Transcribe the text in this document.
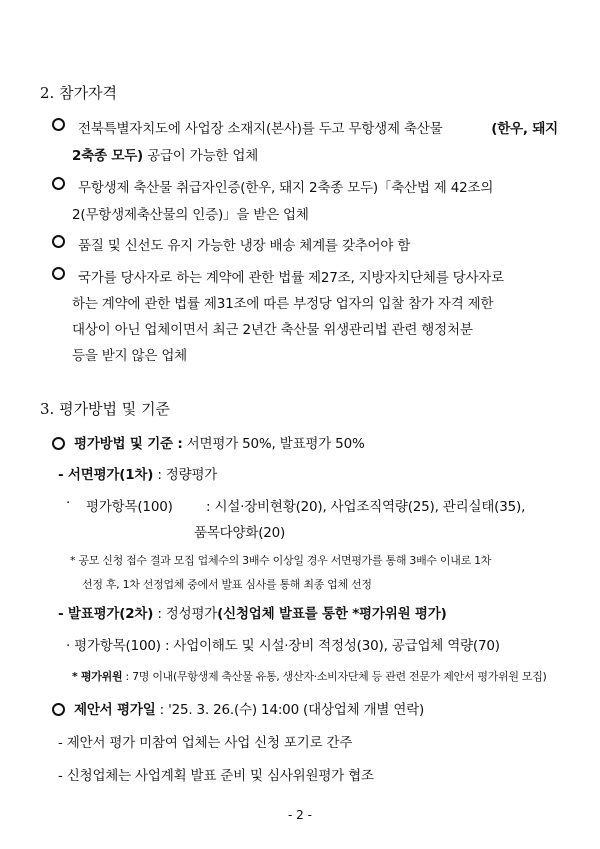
2. 참가자격
전북특별자치도에 사업장 소재지(본사)를 두고 무항생제 축산물	(한우, 돼지
2축종 모두) 공급이 가능한 업체
무항생제 축산물 취급자인증(한우, 돼지 2축종 모두)「축산법 제 42조의
2(무항생제축산물의 인증)」을 받은 업체
품질 및 신선도 유지 가능한 냉장 배송 체계를 갖추어야 함
국가를 당사자로 하는 계약에 관한 법률 제27조, 지방자치단체를 당사자로
하는 계약에 관한 법률 제31조에 따른 부정당 업자의 입찰 참가 자격 제한
대상이 아닌 업체이면서 최근 2년간 축산물 위생관리법 관련 행정처분
등을 받지 않은 업체
3. 평가방법 및 기준
평가방법 및 기준 : 서면평가 50%, 발표평가 50%
- 서면평가(1차) : 정량평가
·	평가항목(100)	: 시설·장비현황(20), 사업조직역량(25), 관리실태(35),
품목다양화(20)
* 공모 신청 접수 결과 모집 업체수의 3배수 이상일 경우 서면평가를 통해 3배수 이내로 1차
선정 후, 1차 선정업체 중에서 발표 심사를 통해 최종 업체 선정
- 발표평가(2차) : 정성평가(신청업체 발표를 통한 *평가위원 평가)
· 평가항목(100) : 사업이해도 및 시설·장비 적정성(30), 공급업체 역량(70)
* 평가위원 : 7명 이내(무항생제 축산물 유통, 생산자·소비자단체 등 관련 전문가 제안서 평가위원 모집)
제안서 평가일 : '25. 3. 26.(수) 14:00 (대상업체 개별 연락)
- 제안서 평가 미참여 업체는 사업 신청 포기로 간주
- 신청업체는 사업계획 발표 준비 및 심사위원평가 협조
- 2 -
